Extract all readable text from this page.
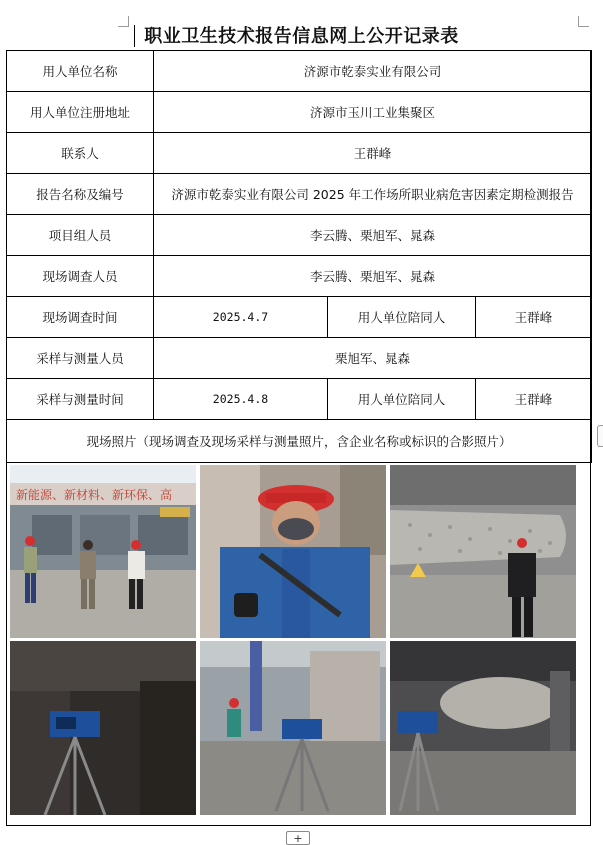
职业卫生技术报告信息网上公开记录表
用人单位名称	济源市乾泰实业有限公司		
用人单位注册地址	济源市玉川工业集聚区		
联系人	王群峰		
报告名称及编号	济源市乾泰实业有限公司 2025 年工作场所职业病危害因素定期检测报告		
项目组人员	李云腾、栗旭军、晁森		
现场调查人员	李云腾、栗旭军、晁森		
现场调查时间	2025.4.7	用人单位陪同人	王群峰
采样与测量人员	栗旭军、晁森		
采样与测量时间	2025.4.8	用人单位陪同人	王群峰
现场照片（现场调查及现场采样与测量照片，含企业名称或标识的合影照片）			
新能源、新材料、新环保、高
+
